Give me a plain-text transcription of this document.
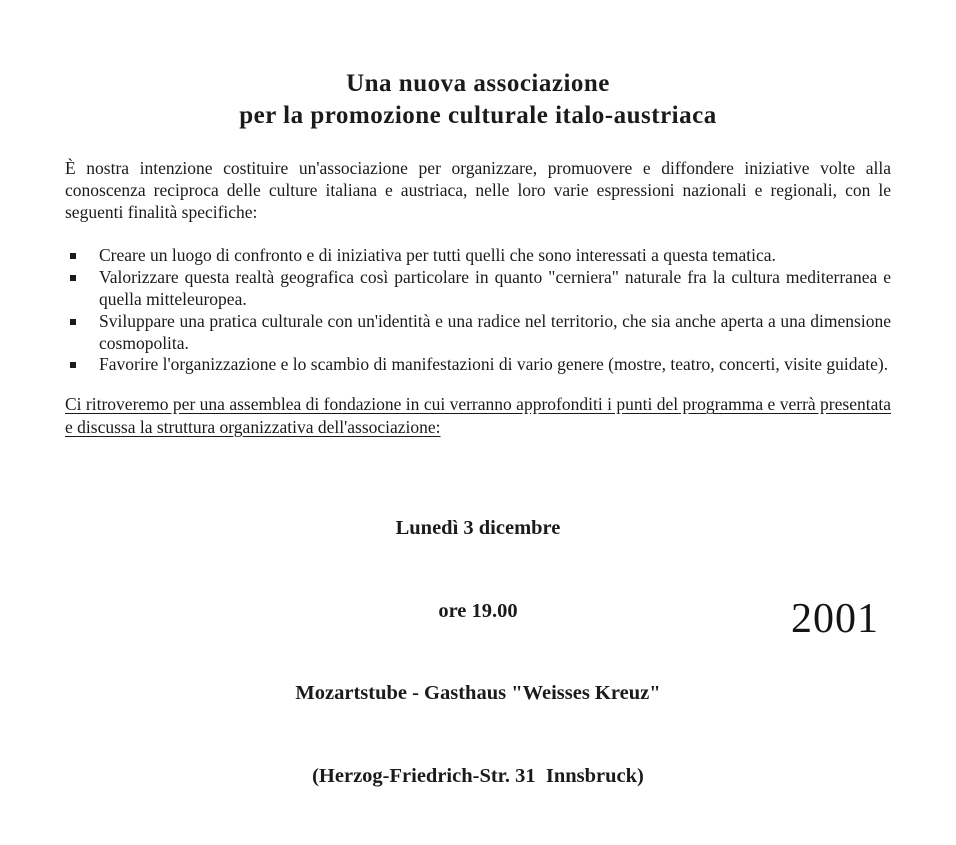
Una nuova associazione
per la promozione culturale italo-austriaca
È nostra intenzione costituire un'associazione per organizzare, promuovere e diffondere iniziative volte alla conoscenza reciproca delle culture italiana e austriaca, nelle loro varie espressioni nazionali e regionali, con le seguenti finalità specifiche:
Creare un luogo di confronto e di iniziativa per tutti quelli che sono interessati a questa tematica.
Valorizzare questa realtà geografica così particolare in quanto "cerniera" naturale fra la cultura mediterranea e quella mitteleuropea.
Sviluppare una pratica culturale con un'identità e una radice nel territorio, che sia anche aperta a una dimensione cosmopolita.
Favorire l'organizzazione e lo scambio di manifestazioni di vario genere (mostre, teatro, concerti, visite guidate).
Ci ritroveremo per una assemblea di fondazione in cui verranno approfonditi i punti del programma e verrà presentata e discussa la struttura organizzativa dell'associazione:

Lunedì 3 dicembre

ore 19.00

Mozartstube - Gasthaus "Weisses Kreuz"

(Herzog-Friedrich-Str. 31  Innsbruck)

2001
